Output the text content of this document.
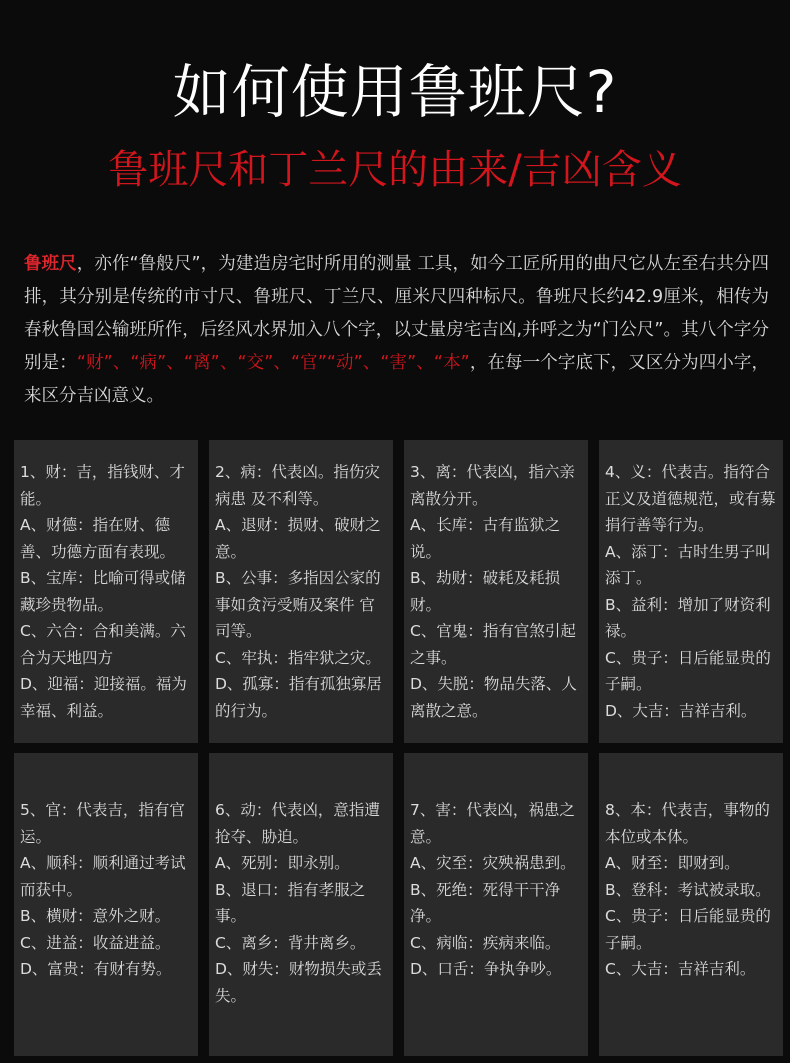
如何使用鲁班尺?
鲁班尺和丁兰尺的由来/吉凶含义
鲁班尺，亦作“鲁般尺”，为建造房宅时所用的测量 工具，如今工匠所用的曲尺它从左至右共分四排，其分别是传统的市寸尺、鲁班尺、丁兰尺、厘米尺四种标尺。鲁班尺长约42.9厘米，相传为春秋鲁国公输班所作，后经风水界加入八个字，以丈量房宅吉凶,并呼之为“门公尺”。其八个字分别是：“财”、“病”、“离”、“交”、“官”“动”、“害”、“本”，在每一个字底下，又区分为四小字，来区分吉凶意义。

1、财：吉，指钱财、才能。

A、财德：指在财、德善、功德方面有表现。

B、宝库：比喻可得或储藏珍贵物品。

C、六合：合和美满。六合为天地四方

D、迎福：迎接福。福为幸福、利益。

2、病：代表凶。指伤灾病患 及不利等。

A、退财：损财、破财之意。

B、公事：多指因公家的事如贪污受贿及案件 官司等。

C、牢执：指牢狱之灾。

D、孤寡：指有孤独寡居的行为。

3、离：代表凶，指六亲离散分开。

A、长库：古有监狱之说。

B、劫财：破耗及耗损财。

C、官鬼：指有官煞引起之事。

D、失脱：物品失落、人离散之意。

4、义：代表吉。指符合正义及道德规范，或有募捐行善等行为。

A、添丁：古时生男子叫添丁。

B、益利：增加了财资利禄。

C、贵子：日后能显贵的子嗣。

D、大吉：吉祥吉利。

5、官：代表吉，指有官运。

A、顺科：顺利通过考试而获中。

B、横财：意外之财。

C、进益：收益进益。

D、富贵：有财有势。

6、动：代表凶，意指遭抢夺、胁迫。

A、死别：即永别。

B、退口：指有孝服之事。

C、离乡：背井离乡。

D、财失：财物损失或丢失。

7、害：代表凶，祸患之意。

A、灾至：灾殃祸患到。

B、死绝：死得干干净净。

C、病临：疾病来临。

D、口舌：争执争吵。

8、本：代表吉，事物的本位或本体。

A、财至：即财到。

B、登科：考试被录取。

C、贵子：日后能显贵的子嗣。

C、大吉：吉祥吉利。
